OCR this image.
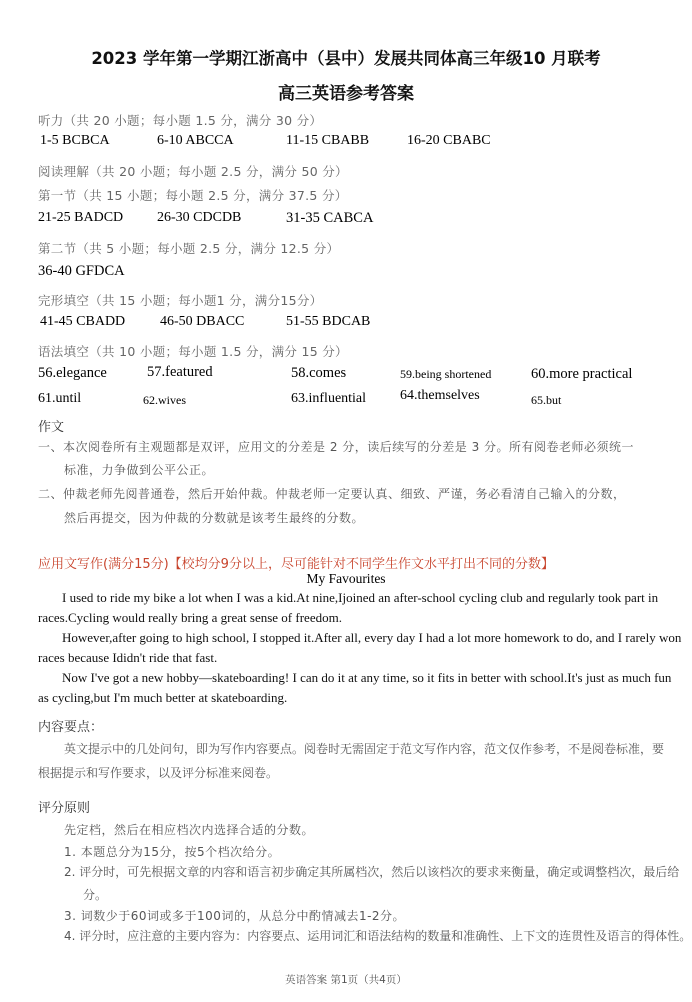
2023 学年第一学期江浙高中（县中）发展共同体高三年级10 月联考
高三英语参考答案
听力（共 20 小题；每小题 1.5 分，满分 30 分）
1-5 BCBCA	6-10 ABCCA	11-15 CBABB	16-20 CBABC
阅读理解（共 20 小题；每小题 2.5 分，满分 50 分）
第一节（共 15 小题；每小题 2.5 分，满分 37.5 分）
21-25 BADCD 26-30 CDCDB	31-35 CABCA
第二节（共 5 小题；每小题 2.5 分，满分 12.5 分）
36-40 GFDCA
完形填空（共 15 小题；每小题1 分，满分15分）
41-45 CBADD 46-50 DBACC	51-55 BDCAB
语法填空（共 10 小题；每小题 1.5 分，满分 15 分）
56.elegance	57.featured	58.comes	59.being shortened	60.more practical
61.until	62.wives	63.influential 64.themselves	65.but
作文
一、本次阅卷所有主观题都是双评，应用文的分差是 2 分，读后续写的分差是 3 分。所有阅卷老师必须统一
标准，力争做到公平公正。
二、仲裁老师先阅普通卷，然后开始仲裁。仲裁老师一定要认真、细致、严谨，务必看清自己输入的分数，
然后再提交，因为仲裁的分数就是该考生最终的分数。
应用文写作(满分15分)【校均分9分以上，尽可能针对不同学生作文水平打出不同的分数】
My Favourites

I used to ride my bike a lot when I was a kid.At nine,Ijoined an after-school cycling club and regularly took part in races.Cycling would really bring a great sense of freedom.

However,after going to high school, I stopped it.After all, every day I had a lot more homework to do, and I rarely won races because Ididn't ride that fast.

Now I've got a new hobby—skateboarding! I can do it at any time, so it fits in better with school.It's just as much fun as cycling,but I'm much better at skateboarding.

内容要点：
英文提示中的几处问句，即为写作内容要点。阅卷时无需固定于范文写作内容，范文仅作参考，不是阅卷标准，要根据提示和写作要求，以及评分标准来阅卷。
评分原则
先定档，然后在相应档次内选择合适的分数。
1. 本题总分为15分，按5个档次给分。
2. 评分时，可先根据文章的内容和语言初步确定其所属档次，然后以该档次的要求来衡量，确定或调整档次，最后给分。
3. 词数少于60词或多于100词的，从总分中酌情减去1-2分。
4. 评分时，应注意的主要内容为：内容要点、运用词汇和语法结构的数量和准确性、上下文的连贯性及语言的得体性。
英语答案 第1页（共4页）
